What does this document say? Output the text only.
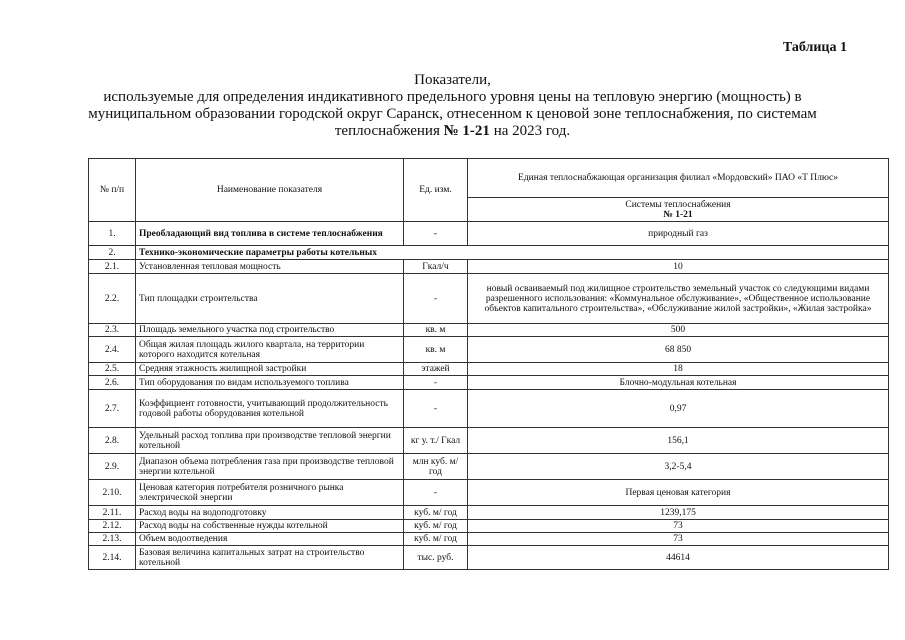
Таблица 1
Показатели,
используемые для определения индикативного предельного уровня цены на тепловую энергию (мощность) в
муниципальном образовании городской округ Саранск, отнесенном к ценовой зоне теплоснабжения, по системам
теплоснабжения № 1-21 на 2023 год.
№ п/п	Наименование показателя	Ед. изм.	Единая теплоснабжающая организация филиал «Мордовский» ПАО «Т Плюс»

			Системы теплоснабжения
№ 1-21

1.	Преобладающий вид топлива в системе теплоснабжения	-	природный газ
2.	Технико-экономические параметры работы котельных		
2.1.	Установленная тепловая мощность	Гкал/ч	10
2.2.	Тип площадки строительства	-	новый осваиваемый под жилищное строительство земельный участок со следующими видами разрешенного использования: «Коммунальное обслуживание», «Общественное использование объектов капитального строительства», «Обслуживание жилой застройки», «Жилая застройка»
2.3.	Площадь земельного участка под строительство	кв. м	500
2.4.	Общая жилая площадь жилого квартала, на территории которого находится котельная	кв. м	68 850
2.5.	Средняя этажность жилищной застройки	этажей	18
2.6.	Тип оборудования по видам используемого топлива	-	Блочно-модульная котельная
2.7.	Коэффициент готовности, учитывающий продолжительность годовой работы оборудования котельной	-	0,97
2.8.	Удельный расход топлива при производстве тепловой энергии котельной	кг у. т./ Гкал	156,1
2.9.	Диапазон объема потребления газа при производстве тепловой энергии котельной	млн куб. м/год	3,2-5,4
2.10.	Ценовая категория потребителя розничного рынка электрической энергии	-	Первая ценовая категория
2.11.	Расход воды на водоподготовку	куб. м/ год	1239,175
2.12.	Расход воды на собственные нужды котельной	куб. м/ год	73
2.13.	Объем водоотведения	куб. м/ год	73
2.14.	Базовая величина капитальных затрат на строительство котельной	тыс. руб.	44614
